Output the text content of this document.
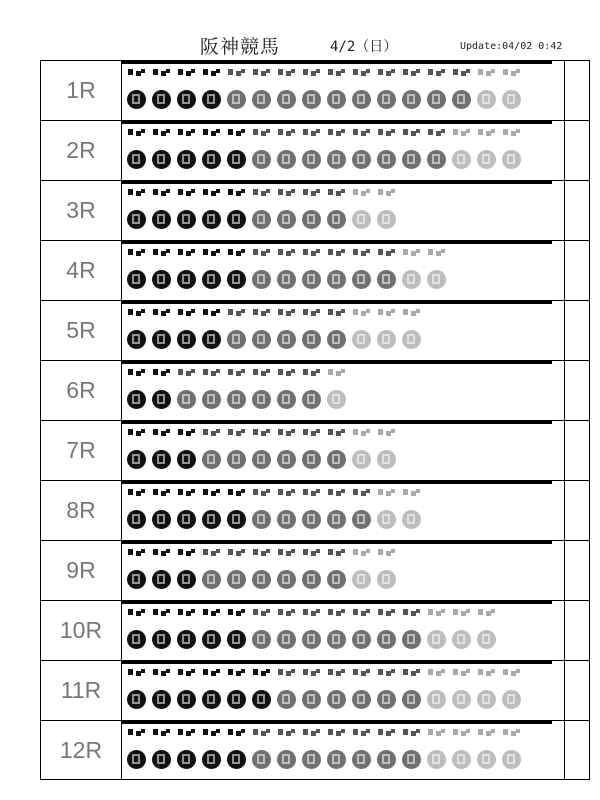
阪神競馬	4/2（日）	Update:04/02 0:42
1R
2R
3R
4R
5R
6R
7R
8R
9R
10R
11R
12R
